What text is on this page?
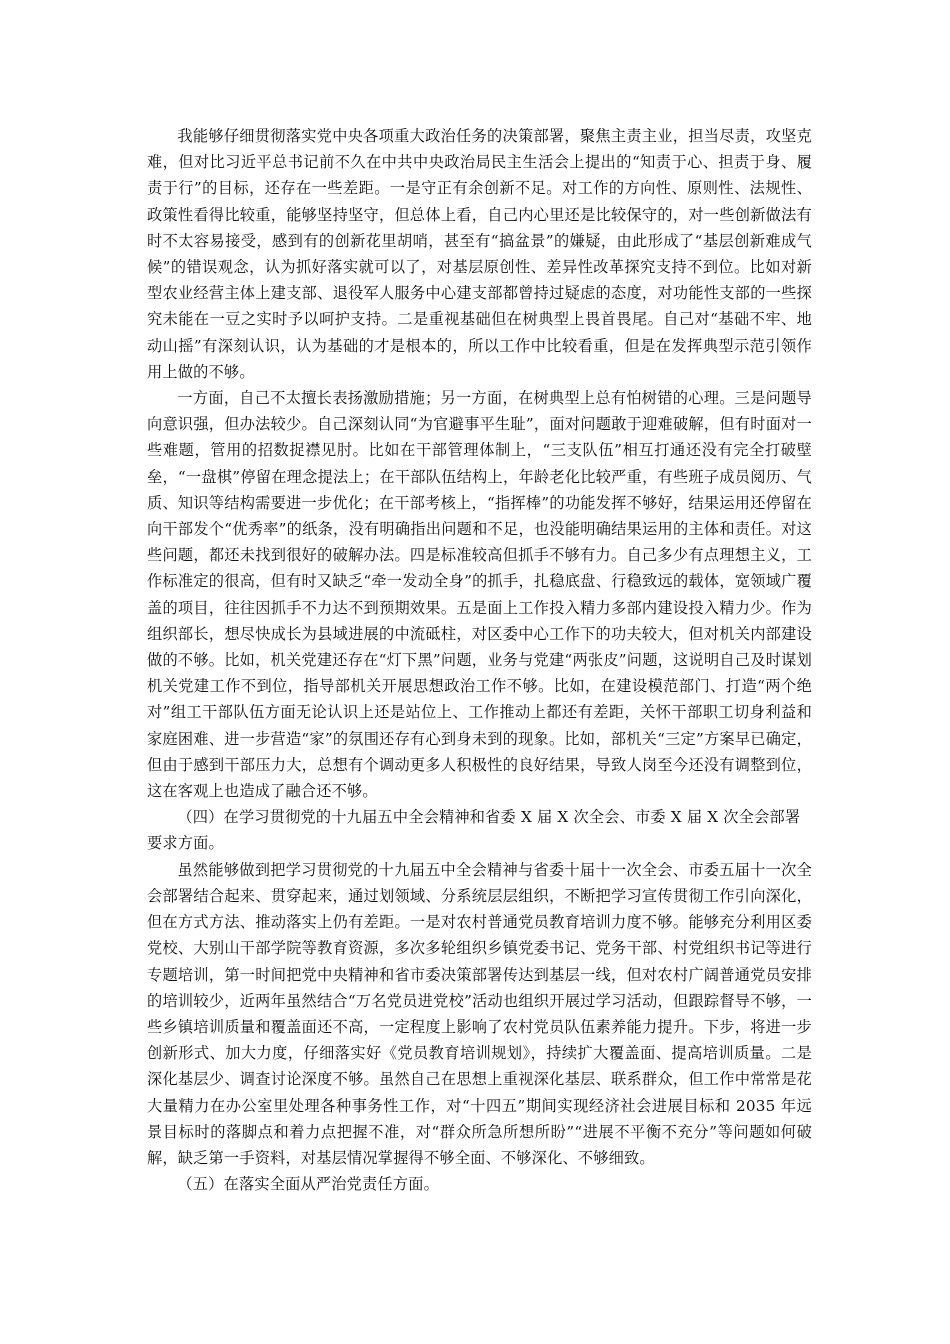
我能够仔细贯彻落实党中央各项重大政治任务的决策部署，聚焦主责主业，担当尽责，攻坚克难，但对比习近平总书记前不久在中共中央政治局民主生活会上提出的“知责于心、担责于身、履责于行”的目标，还存在一些差距。一是守正有余创新不足。对工作的方向性、原则性、法规性、政策性看得比较重，能够坚持坚守，但总体上看，自己内心里还是比较保守的，对一些创新做法有时不太容易接受，感到有的创新花里胡哨，甚至有“搞盆景”的嫌疑，由此形成了“基层创新难成气候”的错误观念，认为抓好落实就可以了，对基层原创性、差异性改革探究支持不到位。比如对新型农业经营主体上建支部、退役军人服务中心建支部都曾持过疑虑的态度，对功能性支部的一些探究未能在一豆之实时予以呵护支持。二是重视基础但在树典型上畏首畏尾。自己对“基础不牢、地动山摇”有深刻认识，认为基础的才是根本的，所以工作中比较看重，但是在发挥典型示范引领作用上做的不够。

一方面，自己不太擅长表扬激励措施；另一方面，在树典型上总有怕树错的心理。三是问题导向意识强，但办法较少。自己深刻认同“为官避事平生耻”，面对问题敢于迎难破解，但有时面对一些难题，管用的招数捉襟见肘。比如在干部管理体制上，“三支队伍”相互打通还没有完全打破壁垒，“一盘棋”停留在理念提法上；在干部队伍结构上，年龄老化比较严重，有些班子成员阅历、气质、知识等结构需要进一步优化；在干部考核上，“指挥棒”的功能发挥不够好，结果运用还停留在向干部发个“优秀率”的纸条，没有明确指出问题和不足，也没能明确结果运用的主体和责任。对这些问题，都还未找到很好的破解办法。四是标准较高但抓手不够有力。自己多少有点理想主义，工作标准定的很高，但有时又缺乏“牵一发动全身”的抓手，扎稳底盘、行稳致远的载体，宽领域广覆盖的项目，往往因抓手不力达不到预期效果。五是面上工作投入精力多部内建设投入精力少。作为组织部长，想尽快成长为县域进展的中流砥柱，对区委中心工作下的功夫较大，但对机关内部建设做的不够。比如，机关党建还存在“灯下黑”问题，业务与党建“两张皮”问题，这说明自己及时谋划机关党建工作不到位，指导部机关开展思想政治工作不够。比如，在建设模范部门、打造“两个绝对”组工干部队伍方面无论认识上还是站位上、工作推动上都还有差距，关怀干部职工切身利益和家庭困难、进一步营造“家”的氛围还存有心到身未到的现象。比如，部机关“三定”方案早已确定，但由于感到干部压力大，总想有个调动更多人积极性的良好结果，导致人岗至今还没有调整到位，这在客观上也造成了融合还不够。

（四）在学习贯彻党的十九届五中全会精神和省委 X 届 X 次全会、市委 X 届 X 次全会部署要求方面。

虽然能够做到把学习贯彻党的十九届五中全会精神与省委十届十一次全会、市委五届十一次全会部署结合起来、贯穿起来，通过划领域、分系统层层组织，不断把学习宣传贯彻工作引向深化，但在方式方法、推动落实上仍有差距。一是对农村普通党员教育培训力度不够。能够充分利用区委党校、大别山干部学院等教育资源，多次多轮组织乡镇党委书记、党务干部、村党组织书记等进行专题培训，第一时间把党中央精神和省市委决策部署传达到基层一线，但对农村广阔普通党员安排的培训较少，近两年虽然结合“万名党员进党校”活动也组织开展过学习活动，但跟踪督导不够，一些乡镇培训质量和覆盖面还不高，一定程度上影响了农村党员队伍素养能力提升。下步，将进一步创新形式、加大力度，仔细落实好《党员教育培训规划》，持续扩大覆盖面、提高培训质量。二是深化基层少、调查讨论深度不够。虽然自己在思想上重视深化基层、联系群众，但工作中常常是花大量精力在办公室里处理各种事务性工作，对“十四五”期间实现经济社会进展目标和 2035 年远景目标时的落脚点和着力点把握不准，对“群众所急所想所盼”“进展不平衡不充分”等问题如何破解，缺乏第一手资料，对基层情况掌握得不够全面、不够深化、不够细致。

（五）在落实全面从严治党责任方面。
